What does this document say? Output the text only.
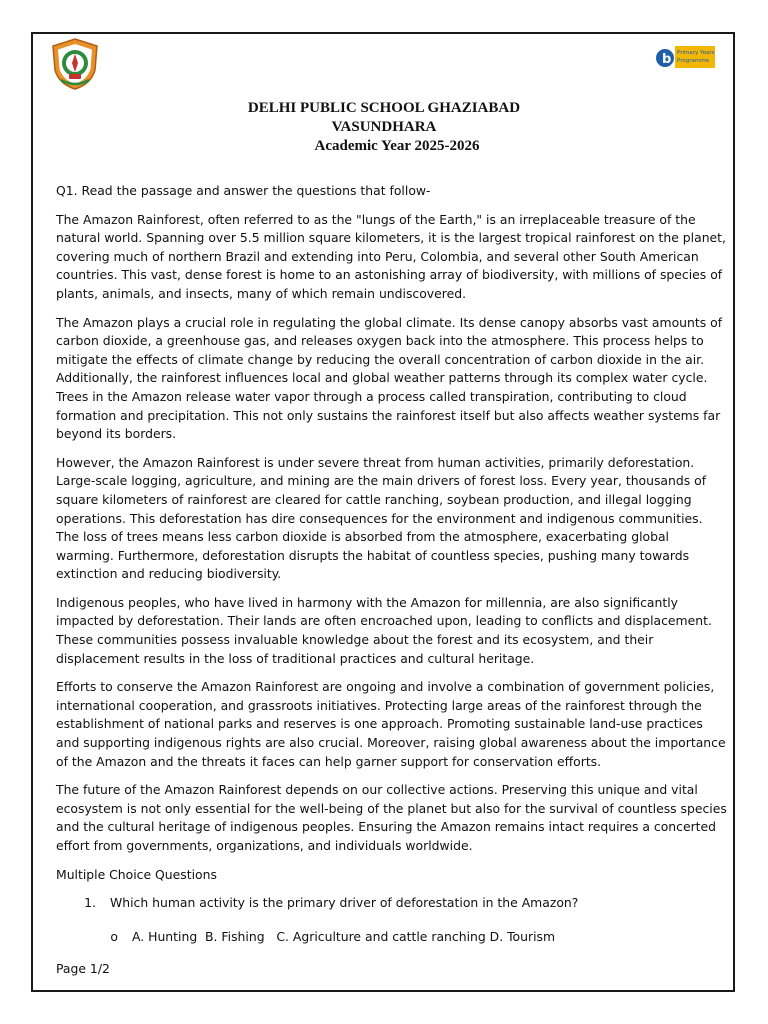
b Primary Years
Programme
DELHI PUBLIC SCHOOL GHAZIABAD
VASUNDHARA
Academic Year 2025-2026

Q1. Read the passage and answer the questions that follow-

The Amazon Rainforest, often referred to as the "lungs of the Earth," is an irreplaceable treasure of the natural world. Spanning over 5.5 million square kilometers, it is the largest tropical rainforest on the planet, covering much of northern Brazil and extending into Peru, Colombia, and several other South American countries. This vast, dense forest is home to an astonishing array of biodiversity, with millions of species of plants, animals, and insects, many of which remain undiscovered.

The Amazon plays a crucial role in regulating the global climate. Its dense canopy absorbs vast amounts of carbon dioxide, a greenhouse gas, and releases oxygen back into the atmosphere. This process helps to mitigate the effects of climate change by reducing the overall concentration of carbon dioxide in the air. Additionally, the rainforest influences local and global weather patterns through its complex water cycle. Trees in the Amazon release water vapor through a process called transpiration, contributing to cloud formation and precipitation. This not only sustains the rainforest itself but also affects weather systems far beyond its borders.

However, the Amazon Rainforest is under severe threat from human activities, primarily deforestation. Large-scale logging, agriculture, and mining are the main drivers of forest loss. Every year, thousands of square kilometers of rainforest are cleared for cattle ranching, soybean production, and illegal logging operations. This deforestation has dire consequences for the environment and indigenous communities. The loss of trees means less carbon dioxide is absorbed from the atmosphere, exacerbating global warming. Furthermore, deforestation disrupts the habitat of countless species, pushing many towards extinction and reducing biodiversity.

Indigenous peoples, who have lived in harmony with the Amazon for millennia, are also significantly impacted by deforestation. Their lands are often encroached upon, leading to conflicts and displacement. These communities possess invaluable knowledge about the forest and its ecosystem, and their displacement results in the loss of traditional practices and cultural heritage.

Efforts to conserve the Amazon Rainforest are ongoing and involve a combination of government policies, international cooperation, and grassroots initiatives. Protecting large areas of the rainforest through the establishment of national parks and reserves is one approach. Promoting sustainable land-use practices and supporting indigenous rights are also crucial. Moreover, raising global awareness about the importance of the Amazon and the threats it faces can help garner support for conservation efforts.

The future of the Amazon Rainforest depends on our collective actions. Preserving this unique and vital ecosystem is not only essential for the well-being of the planet but also for the survival of countless species and the cultural heritage of indigenous peoples. Ensuring the Amazon remains intact requires a concerted effort from governments, organizations, and individuals worldwide.

Multiple Choice Questions

1.	Which human activity is the primary driver of deforestation in the Amazon?
o	A. Hunting  B. Fishing   C. Agriculture and cattle ranching D. Tourism
Page 1/2
